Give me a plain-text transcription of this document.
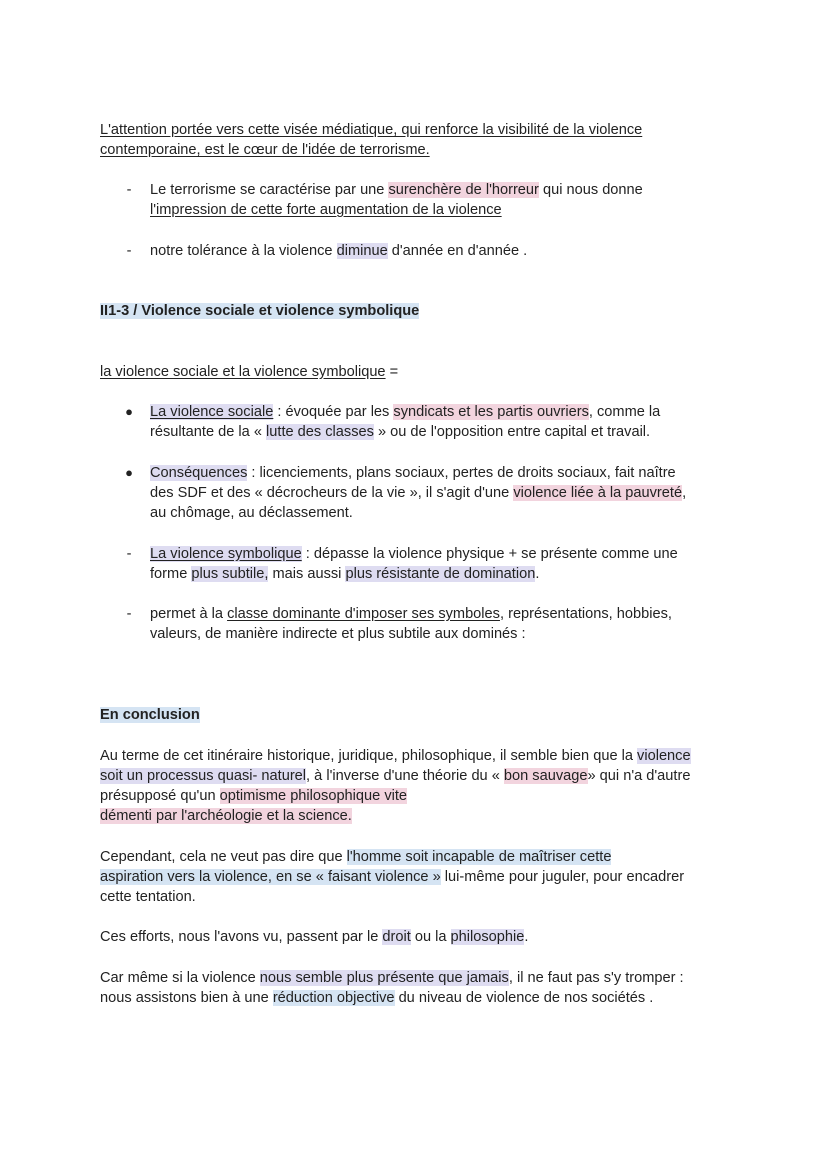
L'attention portée vers cette visée médiatique, qui renforce la visibilité de la violence
contemporaine, est le cœur de l'idée de terrorisme.
-	Le terrorisme se caractérise par une surenchère de l'horreur qui nous donne
l'impression de cette forte augmentation de la violence
-	notre tolérance à la violence diminue d'année en d'année .
II1-3 / Violence sociale et violence symbolique
la violence sociale et la violence symbolique =
● La violence sociale : évoquée par les syndicats et les partis ouvriers, comme la
résultante de la « lutte des classes » ou de l'opposition entre capital et travail.
● Conséquences : licenciements, plans sociaux, pertes de droits sociaux, fait naître
des SDF et des « décrocheurs de la vie », il s'agit d'une violence liée à la pauvreté,
au chômage, au déclassement.
-	La violence symbolique : dépasse la violence physique + se présente comme une
forme plus subtile, mais aussi plus résistante de domination.
-	permet à la classe dominante d'imposer ses symboles, représentations, hobbies,
valeurs, de manière indirecte et plus subtile aux dominés :
En conclusion
Au terme de cet itinéraire historique, juridique, philosophique, il semble bien que la violence
soit un processus quasi- naturel, à l'inverse d'une théorie du « bon sauvage» qui n'a d'autre
présupposé qu'un optimisme philosophique vite
démenti par l'archéologie et la science.
Cependant, cela ne veut pas dire que l'homme soit incapable de maîtriser cette
aspiration vers la violence, en se « faisant violence » lui-même pour juguler, pour encadrer
cette tentation.
Ces efforts, nous l'avons vu, passent par le droit ou la philosophie.
Car même si la violence nous semble plus présente que jamais, il ne faut pas s'y tromper :
nous assistons bien à une réduction objective du niveau de violence de nos sociétés .
